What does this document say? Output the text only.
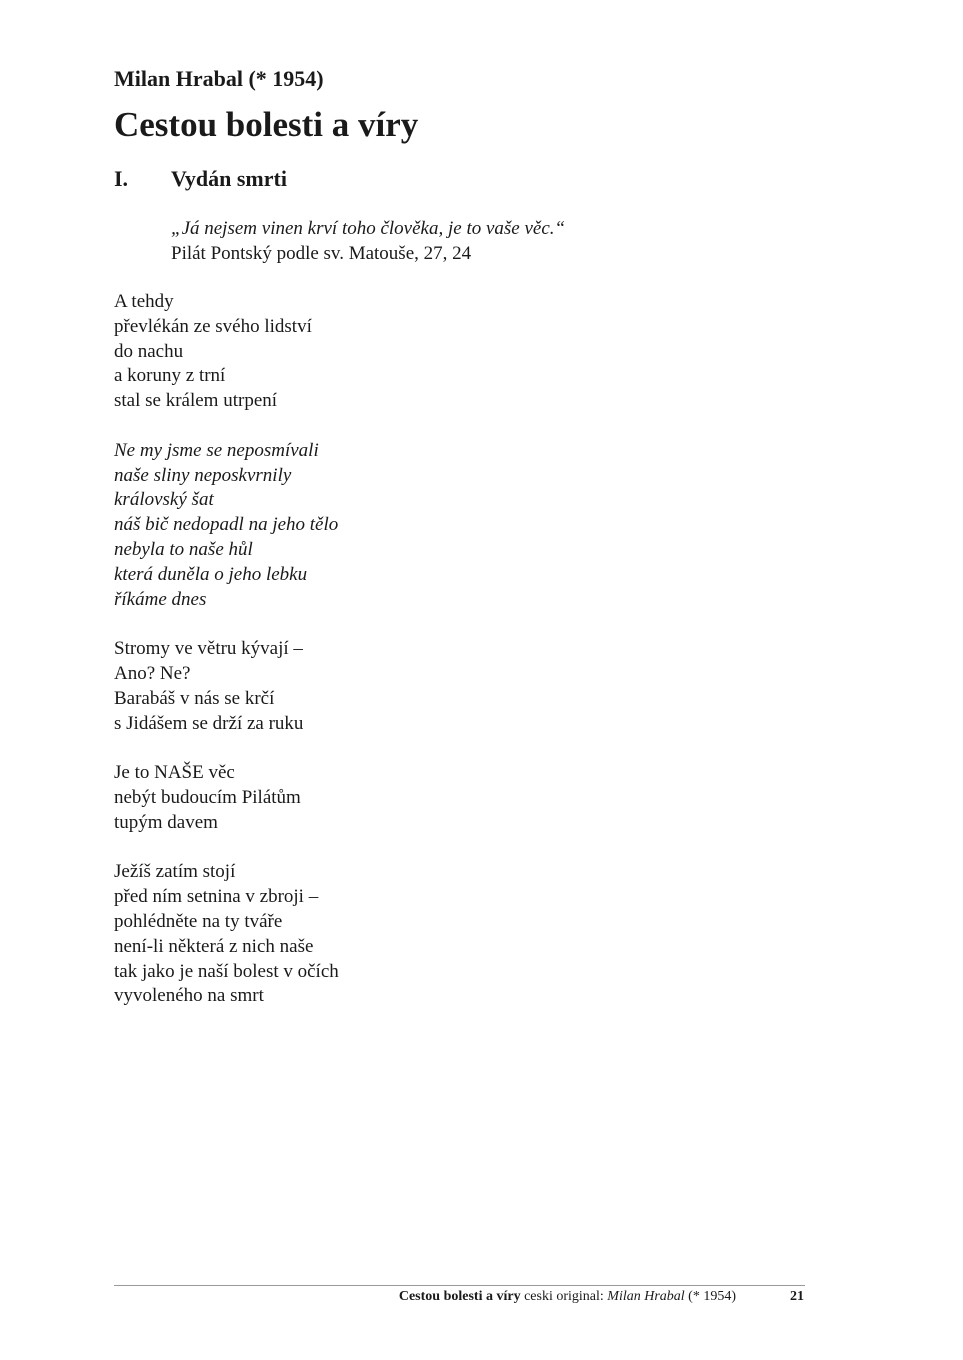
Milan Hrabal (* 1954)
Cestou bolesti a víry
I. Vydán smrti
„Já nejsem vinen krví toho člověka, je to vaše věc.“
Pilát Pontský podle sv. Matouše, 27, 24
A tehdy
převlékán ze svého lidství
do nachu
a koruny z trní
stal se králem utrpení
Ne my jsme se neposmívali
naše sliny neposkvrnily
královský šat
náš bič nedopadl na jeho tělo
nebyla to naše hůl
která duněla o jeho lebku
říkáme dnes
Stromy ve větru kývají –
Ano? Ne?
Barabáš v nás se krčí
s Jidášem se drží za ruku
Je to NAŠE věc
nebýt budoucím Pilátům
tupým davem
Ježíš zatím stojí
před ním setnina v zbroji –
pohlédněte na ty tváře
není-li některá z nich naše
tak jako je naší bolest v očích
vyvoleného na smrt
Cestou bolesti a víry ceski original: Milan Hrabal (* 1954)	21
